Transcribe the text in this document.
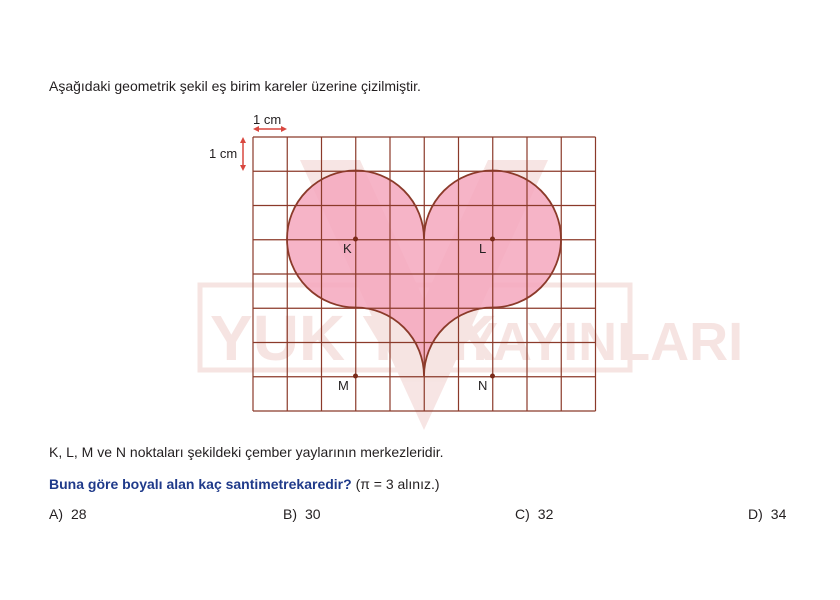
Aşağıdaki geometrik şekil eş birim kareler üzerine çizilmiştir.
YUK YUK
YAYINLARI
K	L
M	N
1 cm
1 cm
K, L, M ve N noktaları şekildeki çember yaylarının merkezleridir.
Buna göre boyalı alan kaç santimetrekaredir? (π = 3 alınız.)
A) 28	B) 30	C) 32	D) 34
